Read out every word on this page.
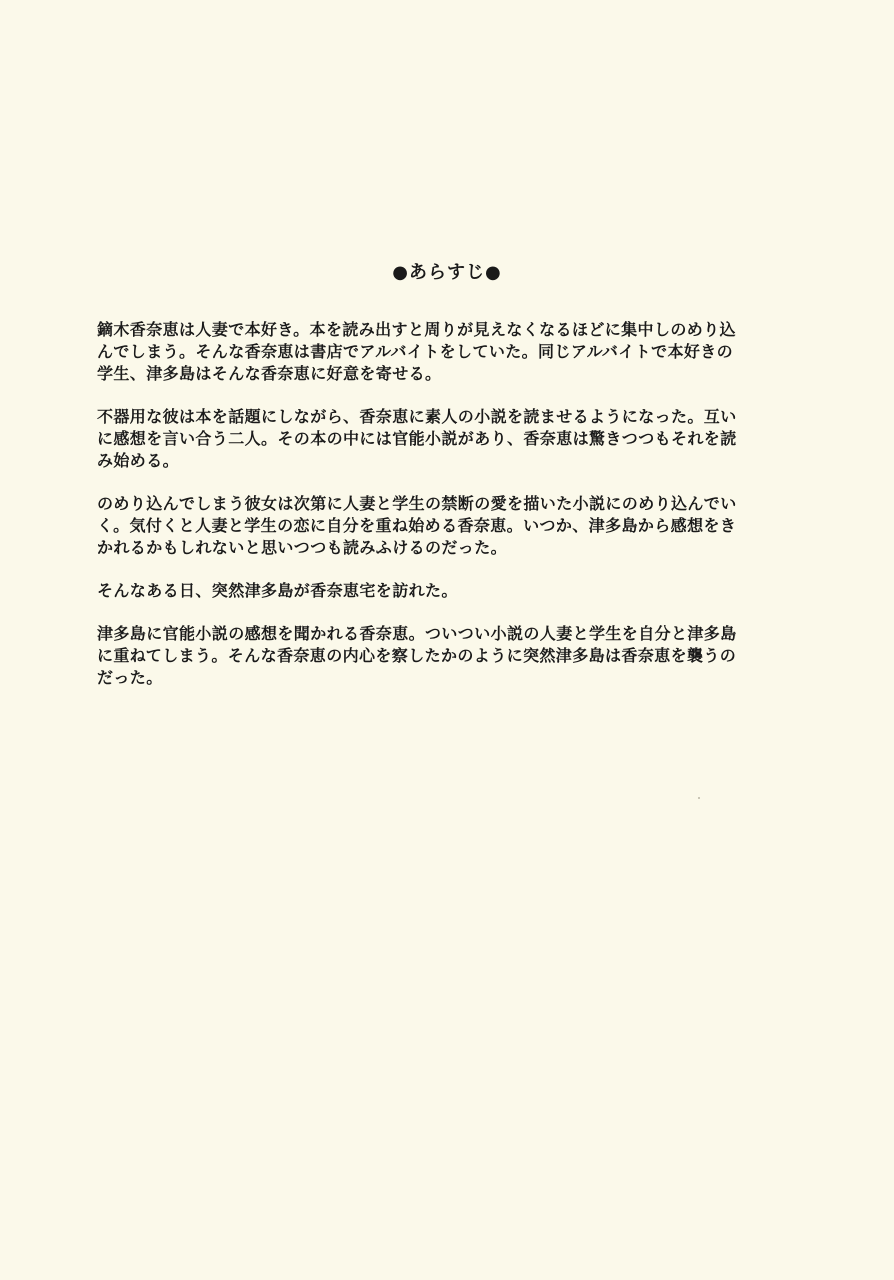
●あらすじ●
鏑木香奈恵は人妻で本好き。本を読み出すと周りが見えなくなるほどに集中しのめり込
んでしまう。そんな香奈恵は書店でアルバイトをしていた。同じアルバイトで本好きの
学生、津多島はそんな香奈恵に好意を寄せる。
不器用な彼は本を話題にしながら、香奈恵に素人の小説を読ませるようになった。互い
に感想を言い合う二人。その本の中には官能小説があり、香奈恵は驚きつつもそれを読
み始める。
のめり込んでしまう彼女は次第に人妻と学生の禁断の愛を描いた小説にのめり込んでい
く。気付くと人妻と学生の恋に自分を重ね始める香奈恵。いつか、津多島から感想をき
かれるかもしれないと思いつつも読みふけるのだった。
そんなある日、突然津多島が香奈恵宅を訪れた。
津多島に官能小説の感想を聞かれる香奈恵。ついつい小説の人妻と学生を自分と津多島
に重ねてしまう。そんな香奈恵の内心を察したかのように突然津多島は香奈恵を襲うの
だった。
